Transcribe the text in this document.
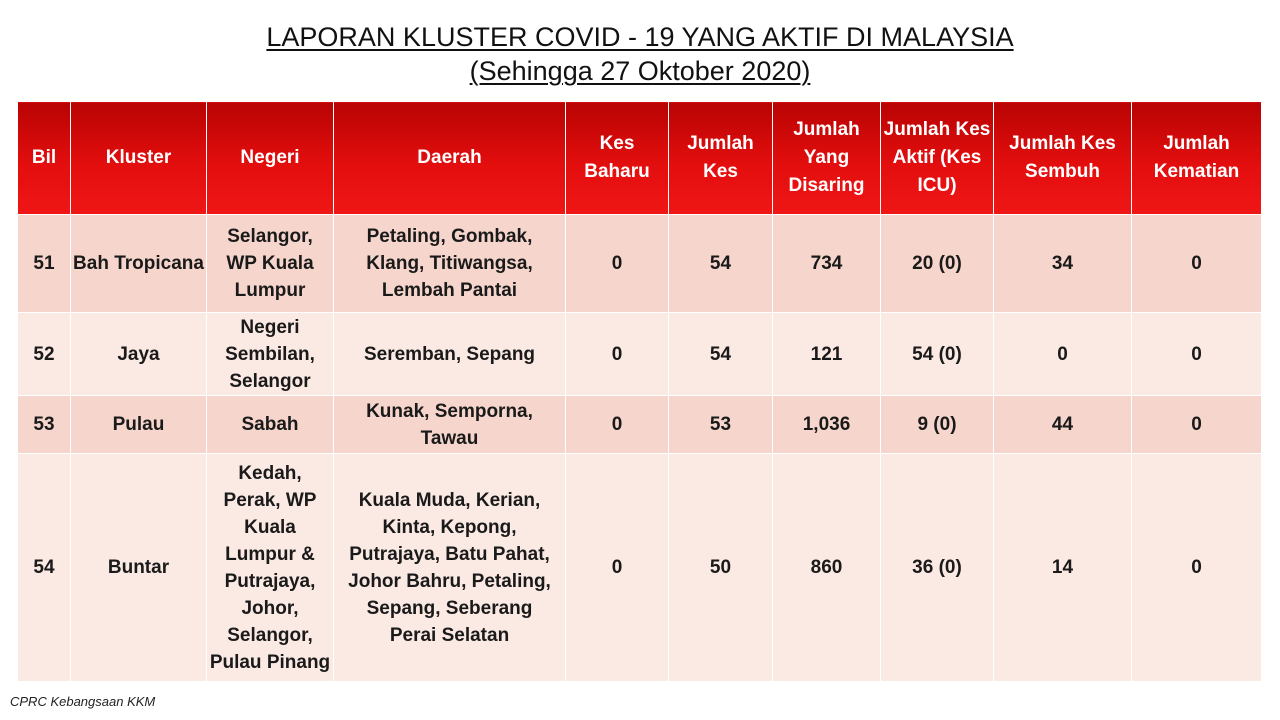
LAPORAN KLUSTER COVID - 19 YANG AKTIF DI MALAYSIA
(Sehingga 27 Oktober 2020)
Bil	Kluster	Negeri	Daerah	Kes Baharu	Jumlah Kes	Jumlah Yang Disaring	Jumlah Kes Aktif (Kes ICU)	Jumlah Kes Sembuh	Jumlah Kematian
51	Bah Tropicana	Selangor, WP Kuala Lumpur	Petaling, Gombak, Klang, Titiwangsa, Lembah Pantai	0	54	734	20 (0)	34	0
52	Jaya	Negeri Sembilan, Selangor	Seremban, Sepang	0	54	121	54 (0)	0	0
53	Pulau	Sabah	Kunak, Semporna, Tawau	0	53	1,036	9 (0)	44	0
54	Buntar	Kedah, Perak, WP Kuala Lumpur & Putrajaya, Johor, Selangor, Pulau Pinang	Kuala Muda, Kerian, Kinta, Kepong, Putrajaya, Batu Pahat, Johor Bahru, Petaling, Sepang, Seberang Perai Selatan	0	50	860	36 (0)	14	0
CPRC Kebangsaan KKM
